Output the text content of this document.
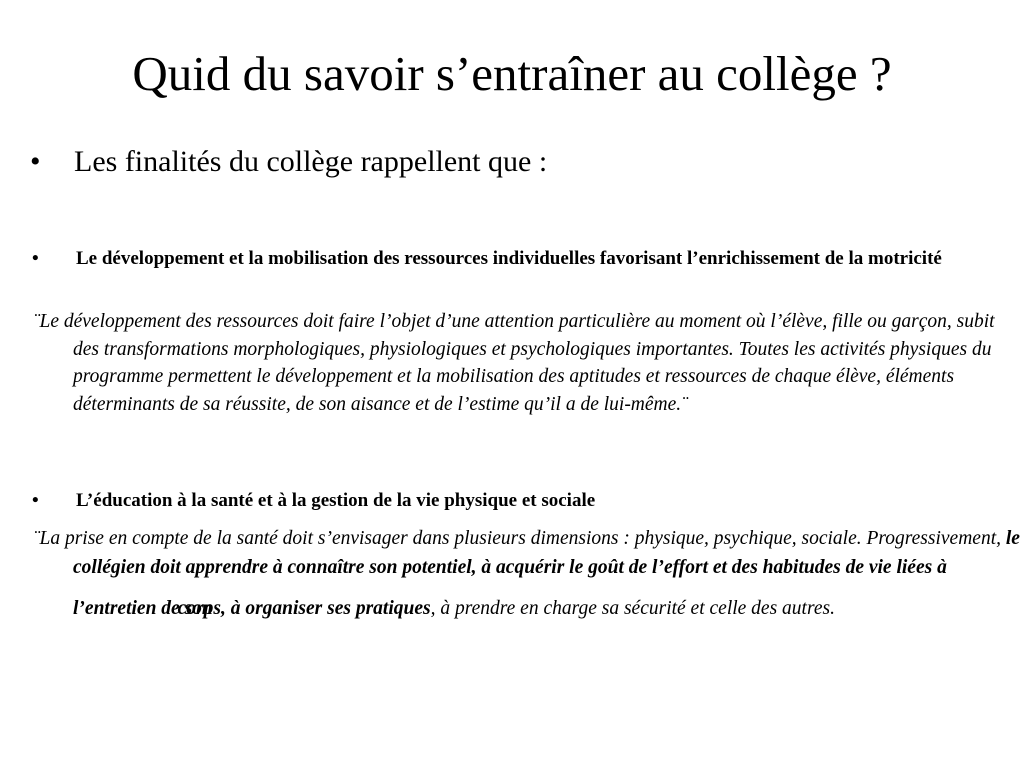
Quid du savoir s’entraîner au collège ?
• Les finalités du collège rappellent que :
• Le développement et la mobilisation des ressources individuelles favorisant l’enrichissement de la motricité
¨Le développement des ressources doit faire l’objet d’une attention particulière au moment où l’élève, fille ou garçon, subit des transformations morphologiques, physiologiques et psychologiques importantes. Toutes les activités physiques du programme permettent le développement et la mobilisation des aptitudes et ressources de chaque élève, éléments déterminants de sa réussite, de son aisance et de l’estime qu’il a de lui-même.¨
• L’éducation à la santé et à la gestion de la vie physique et sociale
¨La prise en compte de la santé doit s’envisager dans plusieurs dimensions : physique, psychique, sociale. Progressivement, le collégien doit apprendre à connaître son potentiel, à acquérir le goût de l’effort et des habitudes de vie liées à l’entretien de son corps, à organiser ses pratiques, à prendre en charge sa sécurité et celle des autres.
